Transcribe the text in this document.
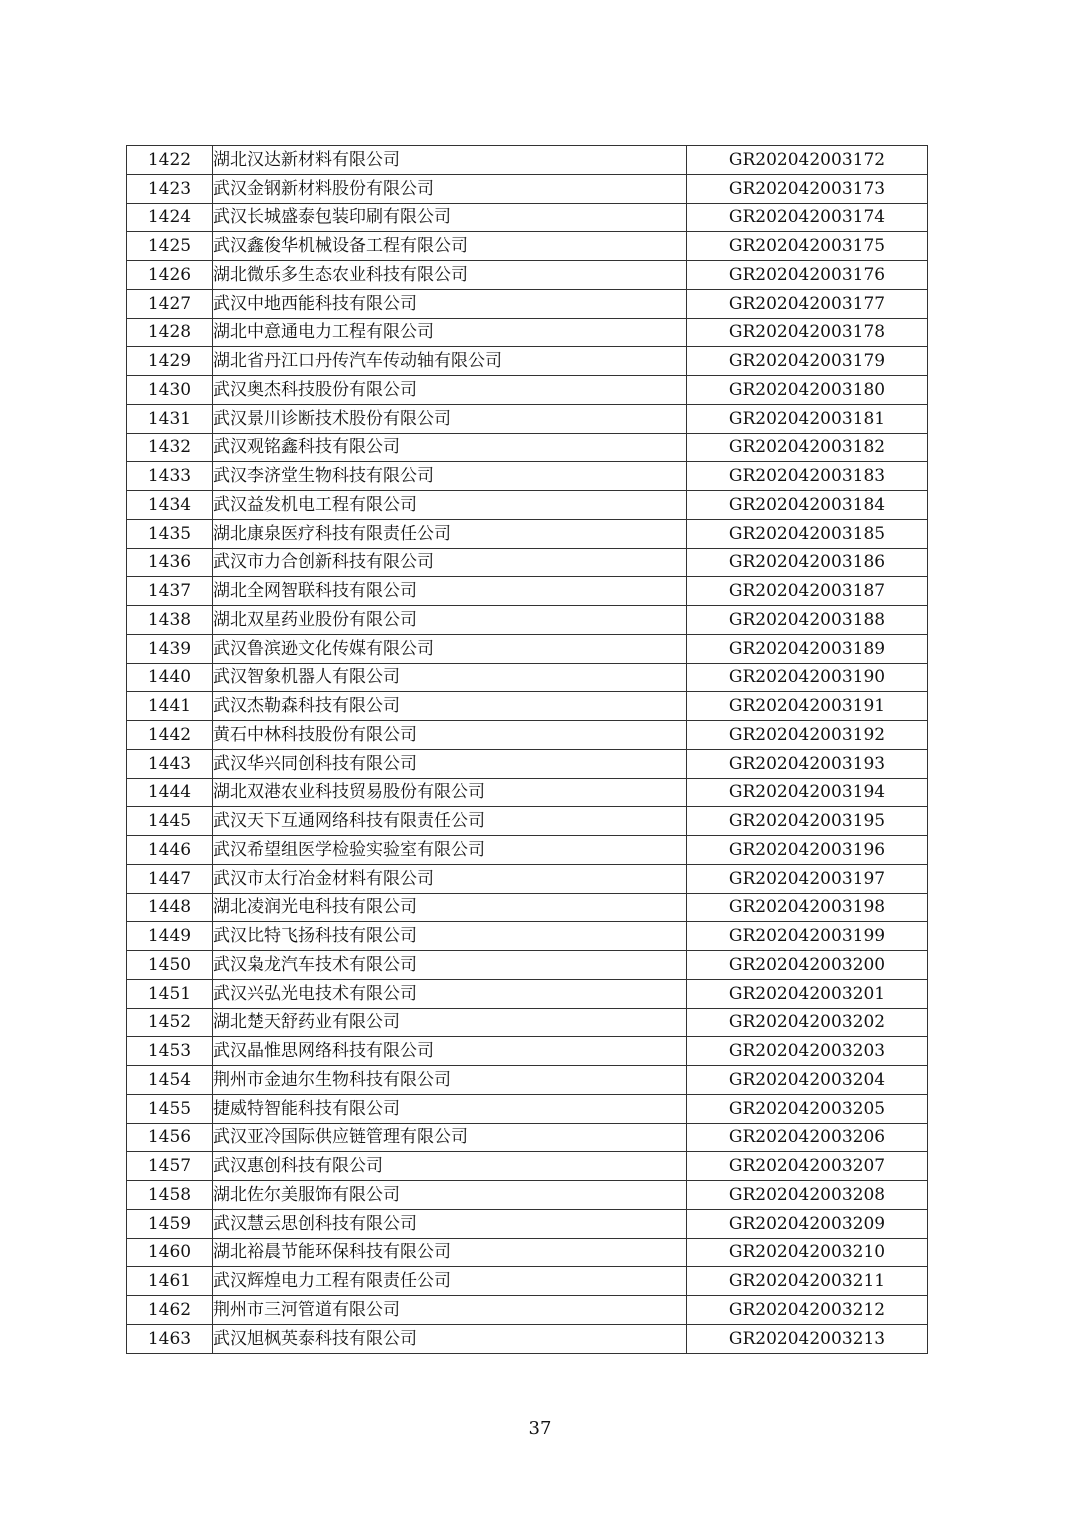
1422	湖北汉达新材料有限公司	GR202042003172
1423	武汉金钢新材料股份有限公司	GR202042003173
1424	武汉长城盛泰包装印刷有限公司	GR202042003174
1425	武汉鑫俊华机械设备工程有限公司	GR202042003175
1426	湖北微乐多生态农业科技有限公司	GR202042003176
1427	武汉中地西能科技有限公司	GR202042003177
1428	湖北中意通电力工程有限公司	GR202042003178
1429	湖北省丹江口丹传汽车传动轴有限公司	GR202042003179
1430	武汉奥杰科技股份有限公司	GR202042003180
1431	武汉景川诊断技术股份有限公司	GR202042003181
1432	武汉观铭鑫科技有限公司	GR202042003182
1433	武汉李济堂生物科技有限公司	GR202042003183
1434	武汉益发机电工程有限公司	GR202042003184
1435	湖北康泉医疗科技有限责任公司	GR202042003185
1436	武汉市力合创新科技有限公司	GR202042003186
1437	湖北全网智联科技有限公司	GR202042003187
1438	湖北双星药业股份有限公司	GR202042003188
1439	武汉鲁滨逊文化传媒有限公司	GR202042003189
1440	武汉智象机器人有限公司	GR202042003190
1441	武汉杰勒森科技有限公司	GR202042003191
1442	黄石中林科技股份有限公司	GR202042003192
1443	武汉华兴同创科技有限公司	GR202042003193
1444	湖北双港农业科技贸易股份有限公司	GR202042003194
1445	武汉天下互通网络科技有限责任公司	GR202042003195
1446	武汉希望组医学检验实验室有限公司	GR202042003196
1447	武汉市太行冶金材料有限公司	GR202042003197
1448	湖北凌润光电科技有限公司	GR202042003198
1449	武汉比特飞扬科技有限公司	GR202042003199
1450	武汉枭龙汽车技术有限公司	GR202042003200
1451	武汉兴弘光电技术有限公司	GR202042003201
1452	湖北楚天舒药业有限公司	GR202042003202
1453	武汉晶惟思网络科技有限公司	GR202042003203
1454	荆州市金迪尔生物科技有限公司	GR202042003204
1455	捷威特智能科技有限公司	GR202042003205
1456	武汉亚冷国际供应链管理有限公司	GR202042003206
1457	武汉惠创科技有限公司	GR202042003207
1458	湖北佐尔美服饰有限公司	GR202042003208
1459	武汉慧云思创科技有限公司	GR202042003209
1460	湖北裕晨节能环保科技有限公司	GR202042003210
1461	武汉辉煌电力工程有限责任公司	GR202042003211
1462	荆州市三河管道有限公司	GR202042003212
1463	武汉旭枫英泰科技有限公司	GR202042003213
37
